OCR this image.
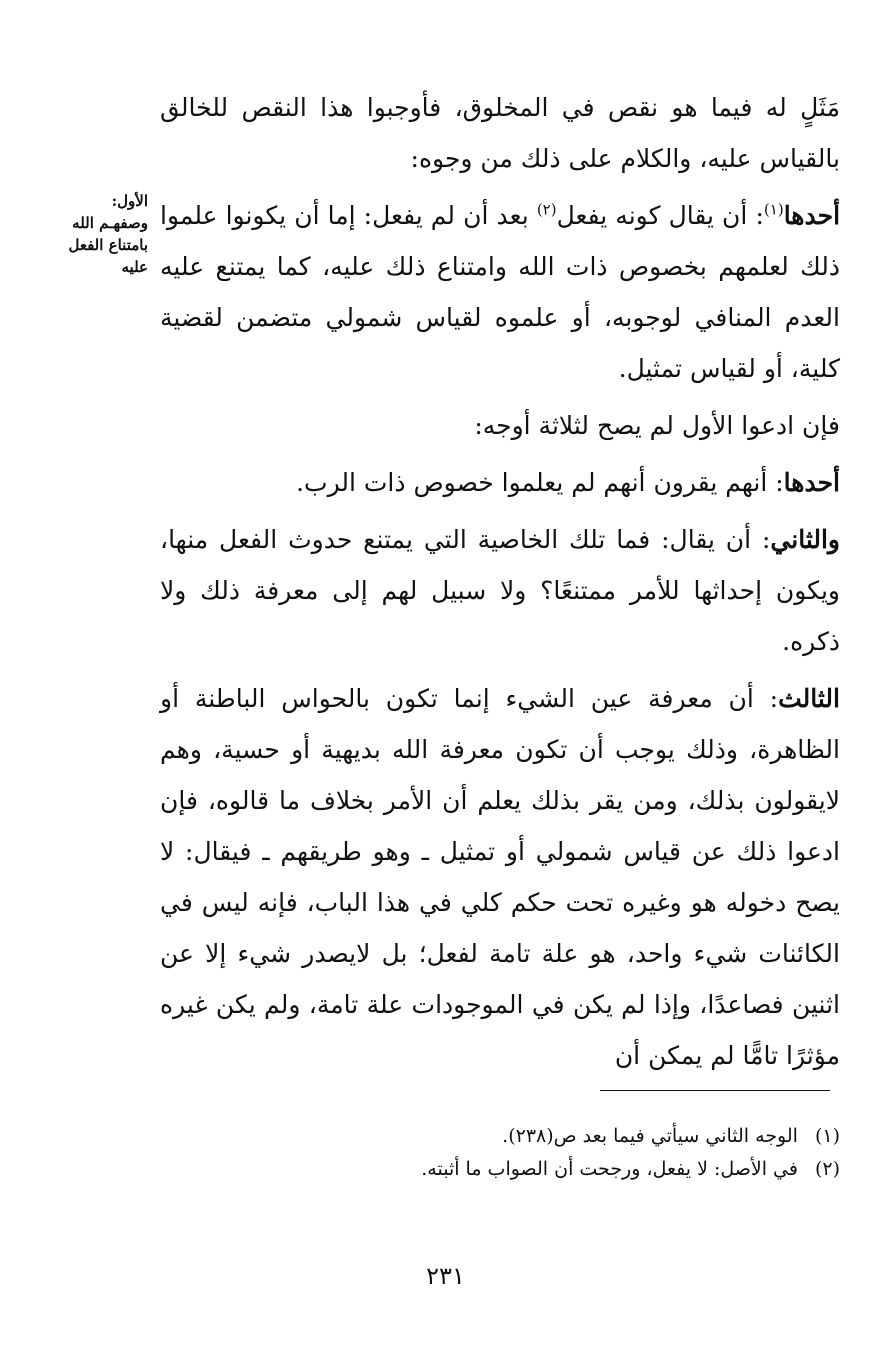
الأول:
وصفهـم الله
بامتناع الفعل
عليه

مَثَلٍ له فيما هو نقص في المخلوق، فأوجبوا هذا النقص للخالق بالقياس عليه، والكلام على ذلك من وجوه:

أحدها$^{(١)}$: أن يقال كونه يفعل$^{(٢)}$ بعد أن لم يفعل: إما أن يكونوا علموا ذلك لعلمهم بخصوص ذات الله وامتناع ذلك عليه، كما يمتنع عليه العدم المنافي لوجوبه، أو علموه لقياس شمولي متضمن لقضية كلية، أو لقياس تمثيل.

فإن ادعوا الأول لم يصح لثلاثة أوجه:

أحدها: أنهم يقرون أنهم لم يعلموا خصوص ذات الرب.

والثاني: أن يقال: فما تلك الخاصية التي يمتنع حدوث الفعل منها، ويكون إحداثها للأمر ممتنعًا؟ ولا سبيل لهم إلى معرفة ذلك ولا ذكره.

الثالث: أن معرفة عين الشيء إنما تكون بالحواس الباطنة أو الظاهرة، وذلك يوجب أن تكون معرفة الله بديهية أو حسية، وهم لايقولون بذلك، ومن يقر بذلك يعلم أن الأمر بخلاف ما قالوه، فإن ادعوا ذلك عن قياس شمولي أو تمثيل ـ وهو طريقهم ـ فيقال: لا يصح دخوله هو وغيره تحت حكم كلي في هذا الباب، فإنه ليس في الكائنات شيء واحد، هو علة تامة لفعل؛ بل لايصدر شيء إلا عن اثنين فصاعدًا، وإذا لم يكن في الموجودات علة تامة، ولم يكن غيره مؤثرًا تامًّا لم يمكن أن

(١) الوجه الثاني سيأتي فيما بعد ص(٢٣٨).
(٢) في الأصل: لا يفعل، ورجحت أن الصواب ما أثبته.
٢٣١
